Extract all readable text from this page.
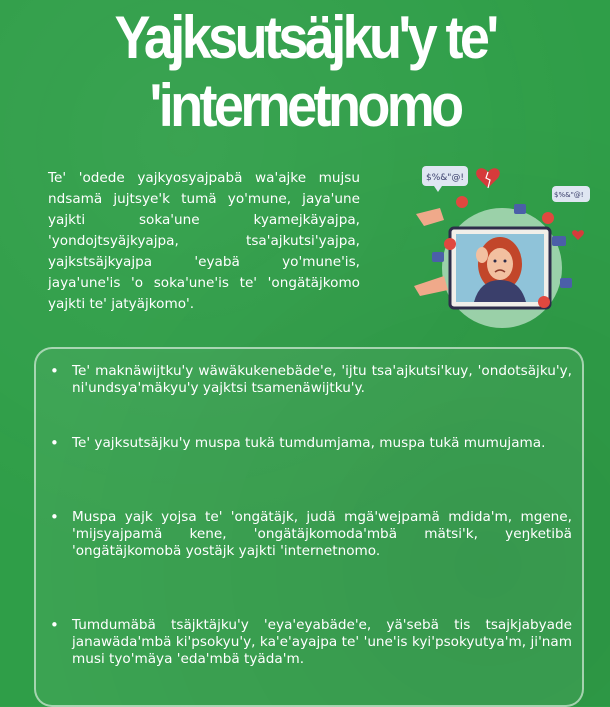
Yajksutsäjku'y te'
'internetnomo
Te' 'odede yajkyosyajpabä wa'ajke mujsu ndsamä jujtsye'k tumä yo'mune, jaya'une yajkti soka'une kyamejkäyajpa, 'yondojtsyäjkyajpa, tsa'ajkutsi'yajpa, yajkstsäjkyajpa 'eyabä yo'mune'is, jaya'une'is 'o soka'une'is te' 'ongätäjkomo yajkti te' jatyäjkomo'.
$%&"@!
$%&"@!
• Te' maknäwijtku'y wäwäkukenebäde'e, 'ijtu tsa'ajkutsi'kuy, 'ondotsäjku'y, ni'undsya'mäkyu'y yajktsi tsamenäwijtku'y.
• Te' yajksutsäjku'y muspa tukä tumdumjama, muspa tukä mumujama.
• Muspa yajk yojsa te' 'ongätäjk, judä mgä'wejpamä mdida'm, mgene, 'mijsyajpamä kene, 'ongätäjkomoda'mbä mätsi'k, yeŋketibä 'ongätäjkomobä yostäjk yajkti 'internetnomo.
• Tumdumäbä tsäjktäjku'y 'eya'eyabäde'e, yä'sebä tis tsajkjabyade janawäda'mbä ki'psokyu'y, ka'e'ayajpa te' 'une'is kyi'psokyutya'm, ji'nam musi tyo'mäya 'eda'mbä tyäda'm.
